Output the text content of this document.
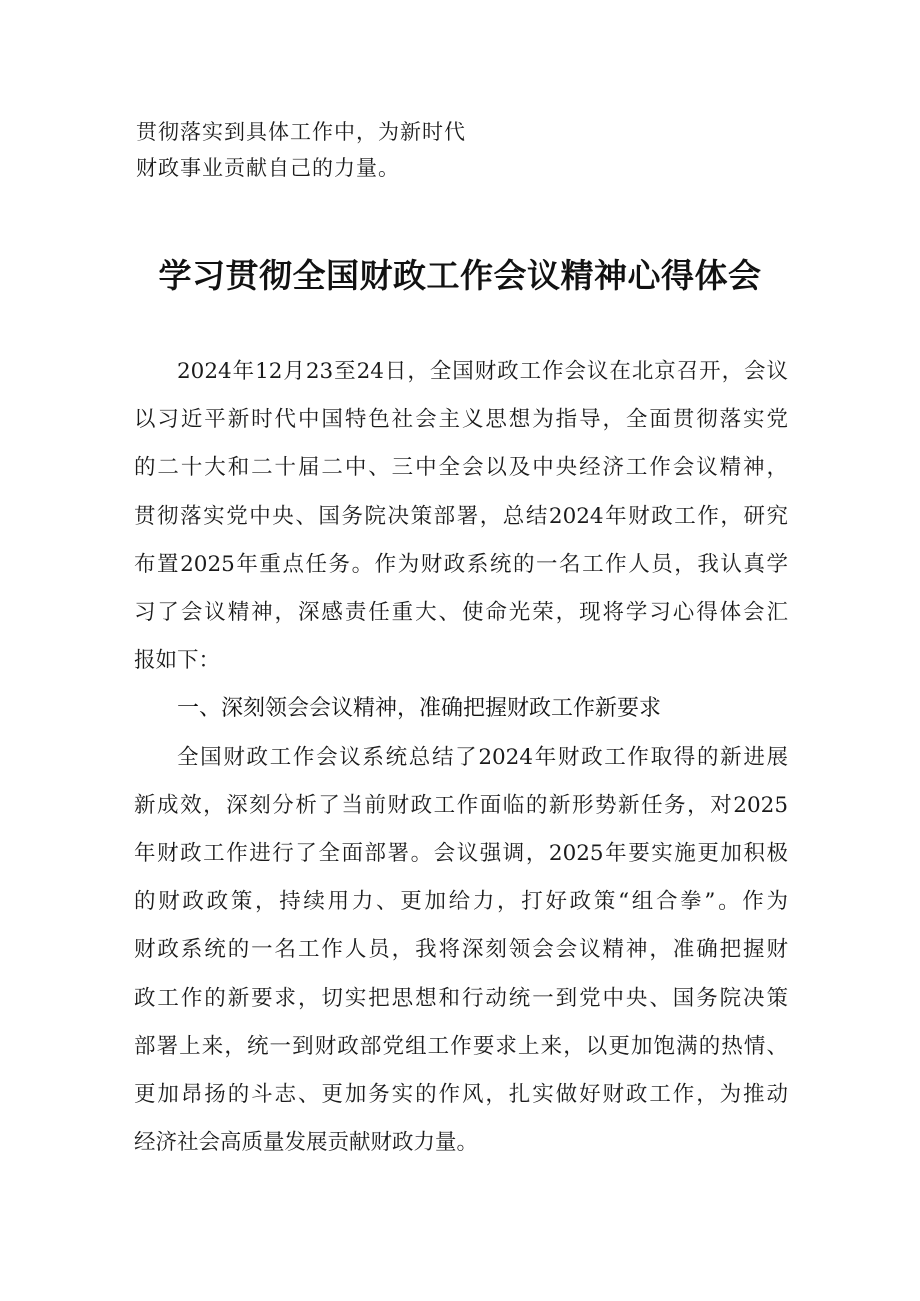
贯彻落实到具体工作中，为新时代

财政事业贡献自己的力量。

学习贯彻全国财政工作会议精神心得体会

2024年12月23至24日，全国财政工作会议在北京召开，会议
以习近平新时代中国特色社会主义思想为指导，全面贯彻落实党
的二十大和二十届二中、三中全会以及中央经济工作会议精神，
贯彻落实党中央、国务院决策部署，总结2024年财政工作，研究
布置2025年重点任务。作为财政系统的一名工作人员，我认真学
习了会议精神，深感责任重大、使命光荣，现将学习心得体会汇
报如下：

一、深刻领会会议精神，准确把握财政工作新要求

全国财政工作会议系统总结了2024年财政工作取得的新进展
新成效，深刻分析了当前财政工作面临的新形势新任务，对2025
年财政工作进行了全面部署。会议强调，2025年要实施更加积极
的财政政策，持续用力、更加给力，打好政策“组合拳”。作为
财政系统的一名工作人员，我将深刻领会会议精神，准确把握财
政工作的新要求，切实把思想和行动统一到党中央、国务院决策
部署上来，统一到财政部党组工作要求上来，以更加饱满的热情、
更加昂扬的斗志、更加务实的作风，扎实做好财政工作，为推动
经济社会高质量发展贡献财政力量。
